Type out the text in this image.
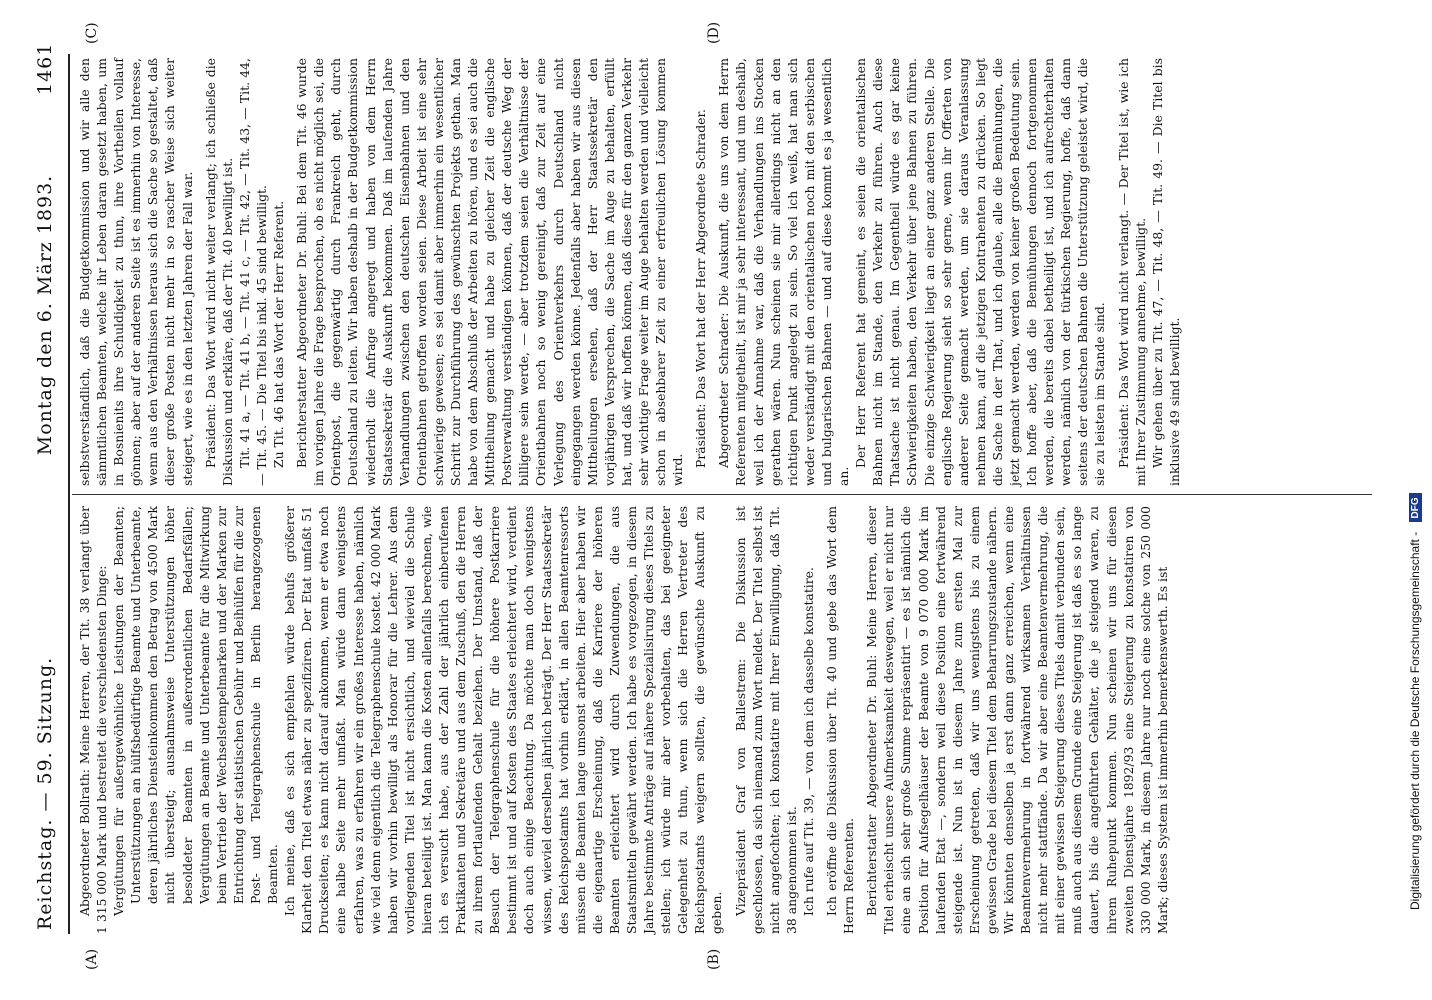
Reichstag. — 59. Sitzung.
Montag den 6. März 1893.
1461
(A)	(B)
(C)	(D)

Abgeordneter Bollrath: Meine Herren, der Tit. 38 verlangt über 1 315 000 Mark und bestreitet die verschiedensten Dinge: Vergütungen für außergewöhnliche Leistungen der Beamten; Unterstützungen an hülfsbedürftige Beamte und Unterbeamte, deren jährliches Diensteinkommen den Betrag von 4500 Mark nicht übersteigt; ausnahmsweise Unterstützungen höher besoldeter Beamten in außerordentlichen Bedarfsfällen; Vergütungen an Beamte und Unterbeamte für die Mitwirkung beim Vertrieb der Wechselstempelmarken und der Marken zur Entrichtung der statistischen Gebühr und Beihülfen für die zur Post- und Telegraphenschule in Berlin herangezogenen Beamten. Ich meine, daß es sich empfehlen würde behufs größerer Klarheit den Titel etwas näher zu spezifiziren. Der Etat umfaßt 51 Druckseiten; es kann nicht darauf ankommen, wenn er etwa noch eine halbe Seite mehr umfaßt. Man würde dann wenigstens erfahren, was zu erfahren wir ein großes Interesse haben, nämlich wie viel denn eigentlich die Telegraphenschule kostet. 42 000 Mark haben wir vorhin bewilligt als Honorar für die Lehrer. Aus dem vorliegenden Titel ist nicht ersichtlich, und wieviel die Schule hieran beteiligt ist. Man kann die Kosten allenfalls berechnen, wie ich es versucht habe, aus der Zahl der jährlich einberufenen Praktikanten und Sekretäre und aus dem Zuschuß, den die Herren zu ihrem fortlaufenden Gehalt beziehen. Der Umstand, daß der Besuch der Telegraphenschule für die höhere Postkarriere bestimmt ist und auf Kosten des Staates erleichtert wird, verdient doch auch einige Beachtung. Da möchte man doch wenigstens wissen, wieviel derselben jährlich beträgt. Der Herr Staatssekretär des Reichspostamts hat vorhin erklärt, in allen Beamtenressorts müssen die Beamten lange umsonst arbeiten. Hier aber haben wir die eigenartige Erscheinung, daß die Karriere der höheren Beamten erleichtert wird durch Zuwendungen, die aus Staatsmitteln gewährt werden. Ich habe es vorgezogen, in diesem Jahre bestimmte Anträge auf nähere Spezialisirung dieses Titels zu stellen; ich würde mir aber vorbehalten, das bei geeigneter Gelegenheit zu thun, wenn sich die Herren Vertreter des Reichspostamts weigern sollten, die gewünschte Auskunft zu geben. Vizepräsident Graf von Ballestrem: Die Diskussion ist geschlossen, da sich niemand zum Wort meldet. Der Titel selbst ist nicht angefochten; ich konstatire mit Ihrer Einwilligung, daß Tit. 38 angenommen ist. Ich rufe auf Tit. 39, — von dem ich dasselbe konstatire. Ich eröffne die Diskussion über Tit. 40 und gebe das Wort dem Herrn Referenten. Berichterstatter Abgeordneter Dr. Buhl: Meine Herren, dieser Titel erheischt unsere Aufmerksamkeit deswegen, weil er nicht nur eine an sich sehr große Summe repräsentirt — es ist nämlich die Position für Aufsegelhäuser der Beamte von 9 070 000 Mark im laufenden Etat —, sondern weil diese Position eine fortwährend steigende ist. Nun ist in diesem Jahre zum ersten Mal zur Erscheinung getreten, daß wir uns wenigstens bis zu einem gewissen Grade bei diesem Titel dem Beharrungszustande nähern. Wir könnten denselben ja erst dann ganz erreichen, wenn eine Beamtenvermehrung in fortwährend wirksamen Verhältnissen nicht mehr stattfände. Da wir aber eine Beamtenvermehrung, die mit einer gewissen Steigerung dieses Titels damit verbunden sein, muß auch aus diesem Grunde eine Steigerung ist daß es so lange dauert, bis die angeführten Gehälter, die je steigend waren, zu ihrem Ruhepunkt kommen. Nun scheinen wir uns für diesen zweiten Dienstjahre 1892/93 eine Steigerung zu konstatiren von 330 000 Mark, in diesem Jahre nur noch eine solche von 250 000 Mark; dieses System ist immerhin bemerkenswerth. Es ist

selbstverständlich, daß die Budgetkommission und wir alle den sämmtlichen Beamten, welche ihr Leben daran gesetzt haben, um in Bosnienits ihre Schuldigkeit zu thun, ihre Vortheilen vollauf gönnen; aber auf der anderen Seite ist es immerhin von Interesse, wenn aus den Verhältnissen heraus sich die Sache so gestaltet, daß dieser große Posten nicht mehr in so rascher Weise sich weiter steigert, wie es in den letzten Jahren der Fall war. Präsident: Das Wort wird nicht weiter verlangt; ich schließe die Diskussion und erkläre, daß der Tit. 40 bewilligt ist. Tit. 41 a, — Tit. 41 b, — Tit. 41 c, — Tit. 42, — Tit. 43, — Tit. 44, — Tit. 45. — Die Titel bis inkl. 45 sind bewilligt. Zu Tit. 46 hat das Wort der Herr Referent. Berichterstatter Abgeordneter Dr. Buhl: Bei dem Tit. 46 wurde im vorigen Jahre die Frage besprochen, ob es nicht möglich sei, die Orientpost, die gegenwärtig durch Frankreich geht, durch Deutschland zu leiten. Wir haben deshalb in der Budgetkommission wiederholt die Anfrage angeregt und haben von dem Herrn Staatssekretär die Auskunft bekommen. Daß im laufenden Jahre Verhandlungen zwischen den deutschen Eisenbahnen und den Orientbahnen getroffen worden seien. Diese Arbeit ist eine sehr schwierige gewesen; es sei damit aber immerhin ein wesentlicher Schritt zur Durchführung des gewünschten Projekts gethan. Man habe von dem Abschluß der Arbeiten zu hören, und es sei auch die Mittheilung gemacht und habe zu gleicher Zeit die englische Postverwaltung verständigen können, daß der deutsche Weg der billigere sein werde, — aber trotzdem seien die Verhältnisse der Orientbahnen noch so wenig gereinigt, daß zur Zeit auf eine Verlegung des Orientverkehrs durch Deutschland nicht eingegangen werden könne. Jedenfalls aber haben wir aus diesen Mittheilungen ersehen, daß der Herr Staatssekretär den vorjährigen Versprechen, die Sache im Auge zu behalten, erfüllt hat, und daß wir hoffen können, daß diese für den ganzen Verkehr sehr wichtige Frage weiter im Auge behalten werden und vielleicht schon in absehbarer Zeit zu einer erfreulichen Lösung kommen wird.

Präsident: Das Wort hat der Herr Abgeordnete Schrader. Abgeordneter Schrader: Die Auskunft, die uns von dem Herrn Referenten mitgetheilt, ist mir ja sehr interessant, und um deshalb, weil ich der Annahme war, daß die Verhandlungen ins Stocken gerathen wären. Nun scheinen sie mir allerdings nicht an den richtigen Punkt angelegt zu sein. So viel ich weiß, hat man sich weder verständigt mit den orientalischen noch mit den serbischen und bulgarischen Bahnen — und auf diese kommt es ja wesentlich an.

Der Herr Referent hat gemeint, es seien die orientalischen Bahnen nicht im Stande, den Verkehr zu führen. Auch diese Thatsache ist nicht genau. Im Gegentheil würde es gar keine Schwierigkeiten haben, den Verkehr über jene Bahnen zu führen. Die einzige Schwierigkeit liegt an einer ganz anderen Stelle. Die englische Regierung sieht so sehr gerne, wenn ihr Offerten von anderer Seite gemacht werden, um sie daraus Veranlassung nehmen kann, auf die jetzigen Kontrahenten zu drücken. So liegt die Sache in der That, und ich glaube, alle die Bemühungen, die jetzt gemacht werden, werden von keiner großen Bedeutung sein. Ich hoffe aber, daß die Bemühungen dennoch fortgenommen werden, die bereits dabei betheiligt ist, und ich aufrechterhalten werden, nämlich von der türkischen Regierung, hoffe, daß dann seitens der deutschen Bahnen die Unterstützung geleistet wird, die sie zu leisten im Stande sind. Präsident: Das Wort wird nicht verlangt. — Der Titel ist, wie ich mit Ihrer Zustimmung annehme, bewilligt. Wir gehen über zu Tit. 47, — Tit. 48, — Tit. 49. — Die Titel bis inklusive 49 sind bewilligt.

Digitalisierung gefördert durch die Deutsche Forschungsgemeinschaft - DFG
